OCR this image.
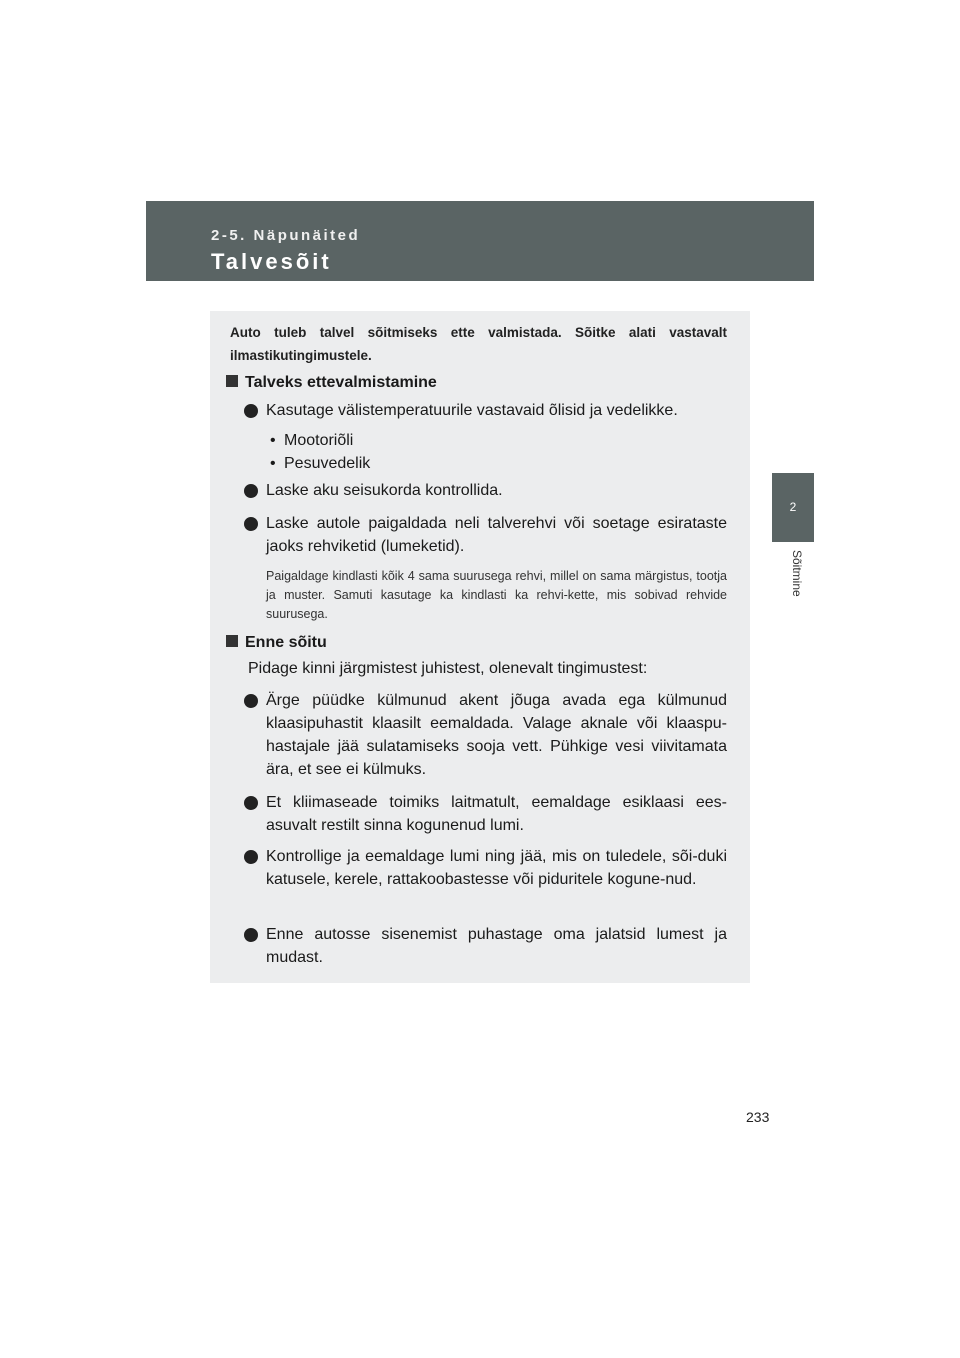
2-5. Näpunäited
Talvesõit
2
Sõitmine
Auto tuleb talvel sõitmiseks ette valmistada. Sõitke alati vastavalt ilmastikutingimustele.
Talveks ettevalmistamine
Kasutage välistemperatuurile vastavaid õlisid ja vedelikke.
• Mootoriõli
• Pesuvedelik
Laske aku seisukorda kontrollida.
Laske autole paigaldada neli talverehvi või soetage esirataste jaoks rehviketid (lumeketid).
Paigaldage kindlasti kõik 4 sama suurusega rehvi, millel on sama märgistus, tootja ja muster. Samuti kasutage ka kindlasti ka rehvi-kette, mis sobivad rehvide suurusega.
Enne sõitu
Pidage kinni järgmistest juhistest, olenevalt tingimustest:
Ärge püüdke külmunud akent jõuga avada ega külmunud klaasipuhastit klaasilt eemaldada. Valage aknale või klaaspu-hastajale jää sulatamiseks sooja vett. Pühkige vesi viivitamata ära, et see ei külmuks.
Et kliimaseade toimiks laitmatult, eemaldage esiklaasi ees-asuvalt restilt sinna kogunenud lumi.
Kontrollige ja eemaldage lumi ning jää, mis on tuledele, sõi-duki katusele, kerele, rattakoobastesse või piduritele kogune-nud.
Enne autosse sisenemist puhastage oma jalatsid lumest ja mudast.
233
